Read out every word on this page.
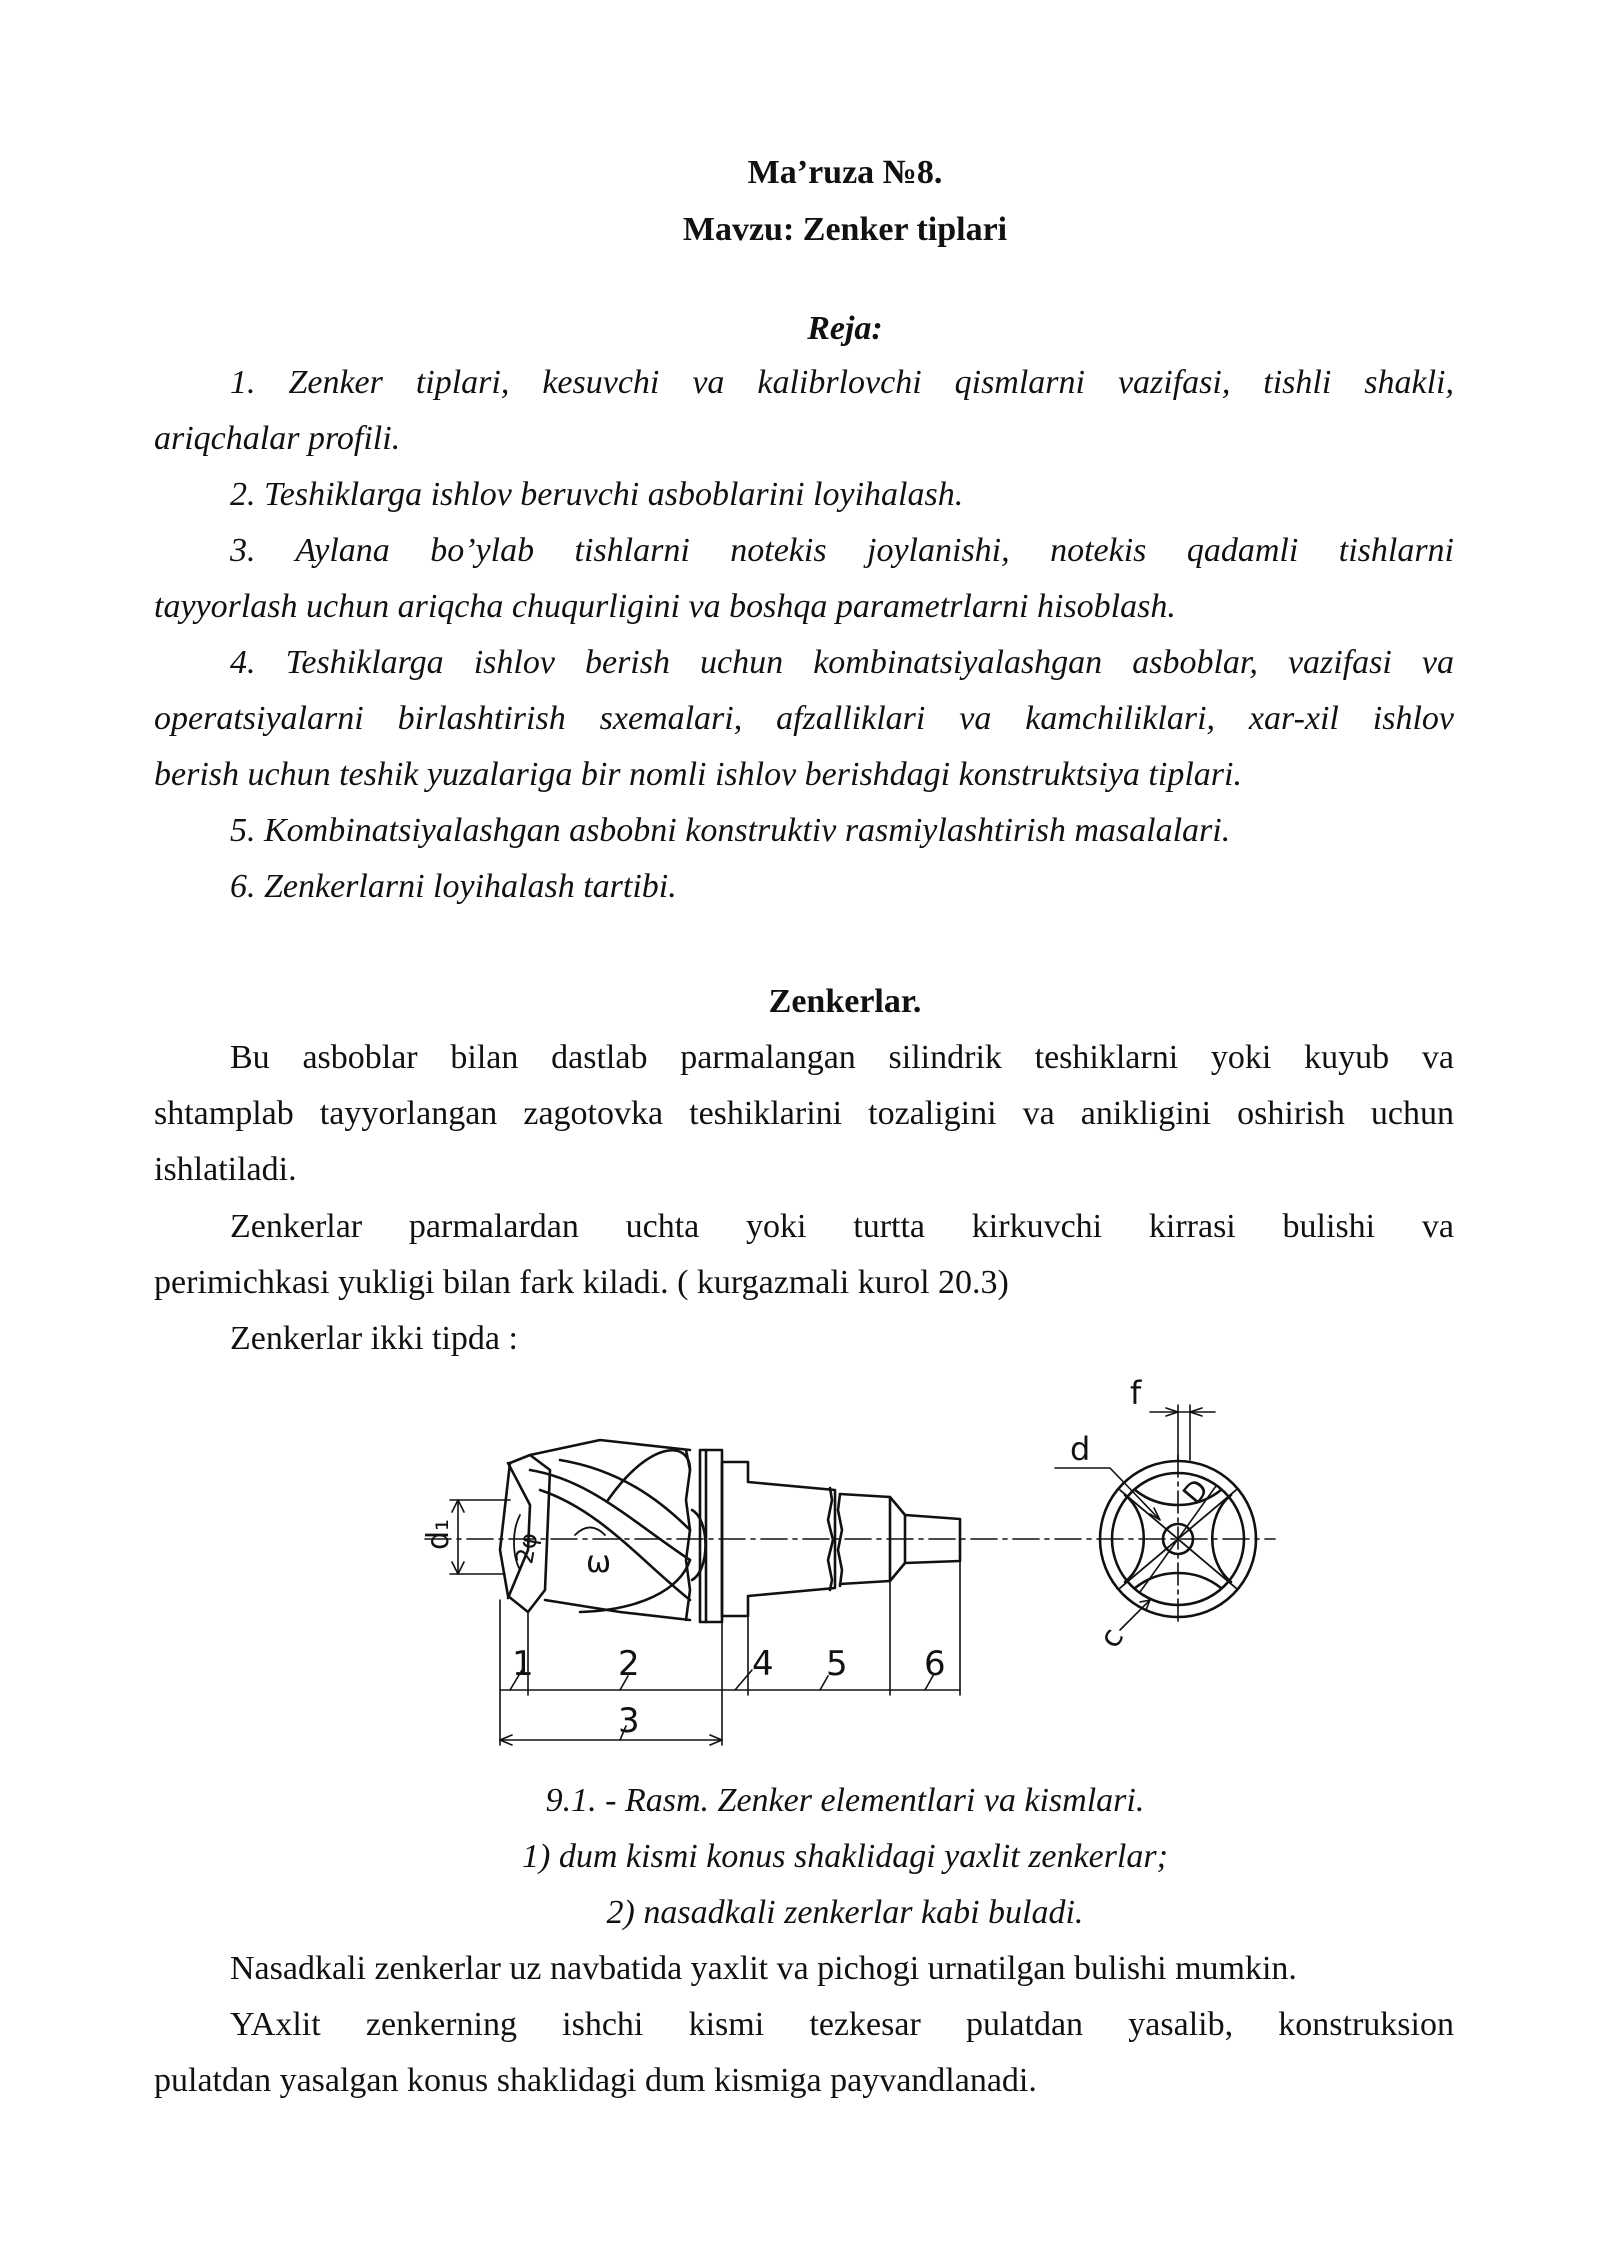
Ma’ruza №8.
Mavzu: Zenker tiplari
Reja:
1. Zenker tiplari, kesuvchi va kalibrlovchi qismlarni vazifasi, tishli shakli,
ariqchalar profili.
2. Teshiklarga ishlov beruvchi asboblarini loyihalash.
3. Aylana bo’ylab tishlarni notekis joylanishi, notekis qadamli tishlarni
tayyorlash uchun ariqcha chuqurligini va boshqa parametrlarni hisoblash.
4. Teshiklarga ishlov berish uchun kombinatsiyalashgan asboblar, vazifasi va
operatsiyalarni birlashtirish sxemalari, afzalliklari va kamchiliklari, xar-xil ishlov
berish uchun teshik yuzalariga bir nomli ishlov berishdagi konstruktsiya tiplari.
5. Kombinatsiyalashgan asbobni konstruktiv rasmiylashtirish masalalari.
6. Zenkerlarni loyihalash tartibi.
Zenkerlar.
Bu asboblar bilan dastlab parmalangan silindrik teshiklarni yoki kuyub va
shtamplab tayyorlangan zagotovka teshiklarini tozaligini va anikligini oshirish uchun
ishlatiladi.
Zenkerlar parmalardan uchta yoki turtta kirkuvchi kirrasi bulishi va
perimichkasi yukligi bilan fark kiladi. ( kurgazmali kurol 20.3)
Zenkerlar ikki tipda :
1 2	4 5 6
3
d₁
ω
2φ
f
d
D
c
9.1. - Rasm. Zenker elementlari va kismlari.
1) dum kismi konus shaklidagi yaxlit zenkerlar;
2) nasadkali zenkerlar kabi buladi.
Nasadkali zenkerlar uz navbatida yaxlit va pichogi urnatilgan bulishi mumkin.
YAxlit zenkerning ishchi kismi tezkesar pulatdan yasalib, konstruksion
pulatdan yasalgan konus shaklidagi dum kismiga payvandlanadi.
